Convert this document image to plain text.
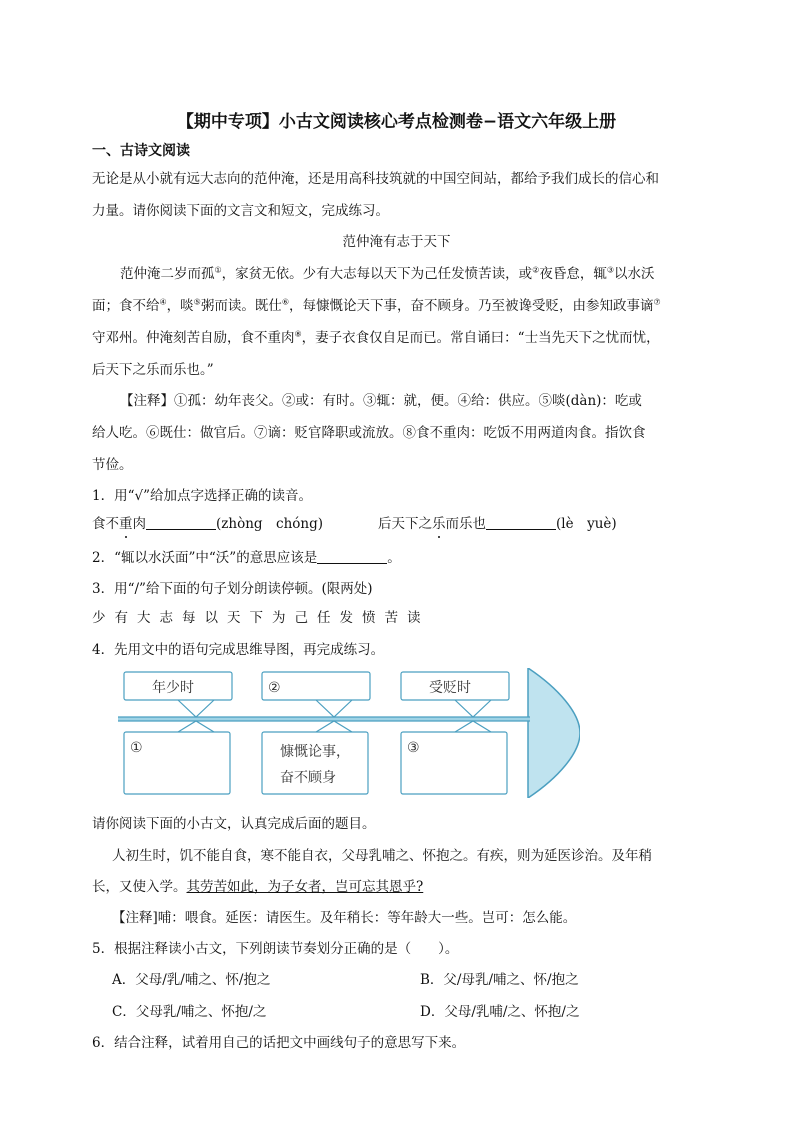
【期中专项】小古文阅读核心考点检测卷−语文六年级上册
一、古诗文阅读
无论是从小就有远大志向的范仲淹，还是用高科技筑就的中国空间站，都给予我们成长的信心和
力量。请你阅读下面的文言文和短文，完成练习。
范仲淹有志于天下
范仲淹二岁而孤①，家贫无依。少有大志每以天下为己任发愤苦读，或②夜昏怠，辄③以水沃
面；食不给④，啖⑤粥而读。既仕⑥，每慷慨论天下事，奋不顾身。乃至被谗受贬，由参知政事谪⑦
守邓州。仲淹刻苦自励，食不重肉⑧，妻子衣食仅自足而已。常自诵曰：“士当先天下之忧而忧，
后天下之乐而乐也。”
【注释】①孤：幼年丧父。②或：有时。③辄：就，便。④给：供应。⑤啖(dàn)：吃或
给人吃。⑥既仕：做官后。⑦谪：贬官降职或流放。⑧食不重肉：吃饭不用两道肉食。指饮食
节俭。
1．用“√”给加点字选择正确的读音。
食不重肉	(zhòng　chóng)	后天下之乐而乐也	(lè　yuè)
2．“辄以水沃面”中“沃”的意思应该是	。
3．用“/”给下面的句子划分朗读停顿。(限两处)
少有大志每以天下为己任发愤苦读
4．先用文中的语句完成思维导图，再完成练习。
年少时	②	受贬时
①	慷慨论事，
奋不顾身
③
请你阅读下面的小古文，认真完成后面的题目。
人初生时，饥不能自食，寒不能自衣，父母乳哺之、怀抱之。有疾，则为延医诊治。及年稍
长，又使入学。其劳苦如此，为子女者，岂可忘其恩乎?
【注释]哺：喂食。延医：请医生。及年稍长：等年龄大一些。岂可：怎么能。
5．根据注释读小古文，下列朗读节奏划分正确的是（　　）。
A．父母/乳/哺之、怀/抱之	B．父/母乳/哺之、怀/抱之
C．父母乳/哺之、怀抱/之	D．父母/乳哺/之、怀抱/之
6．结合注释，试着用自己的话把文中画线句子的意思写下来。
